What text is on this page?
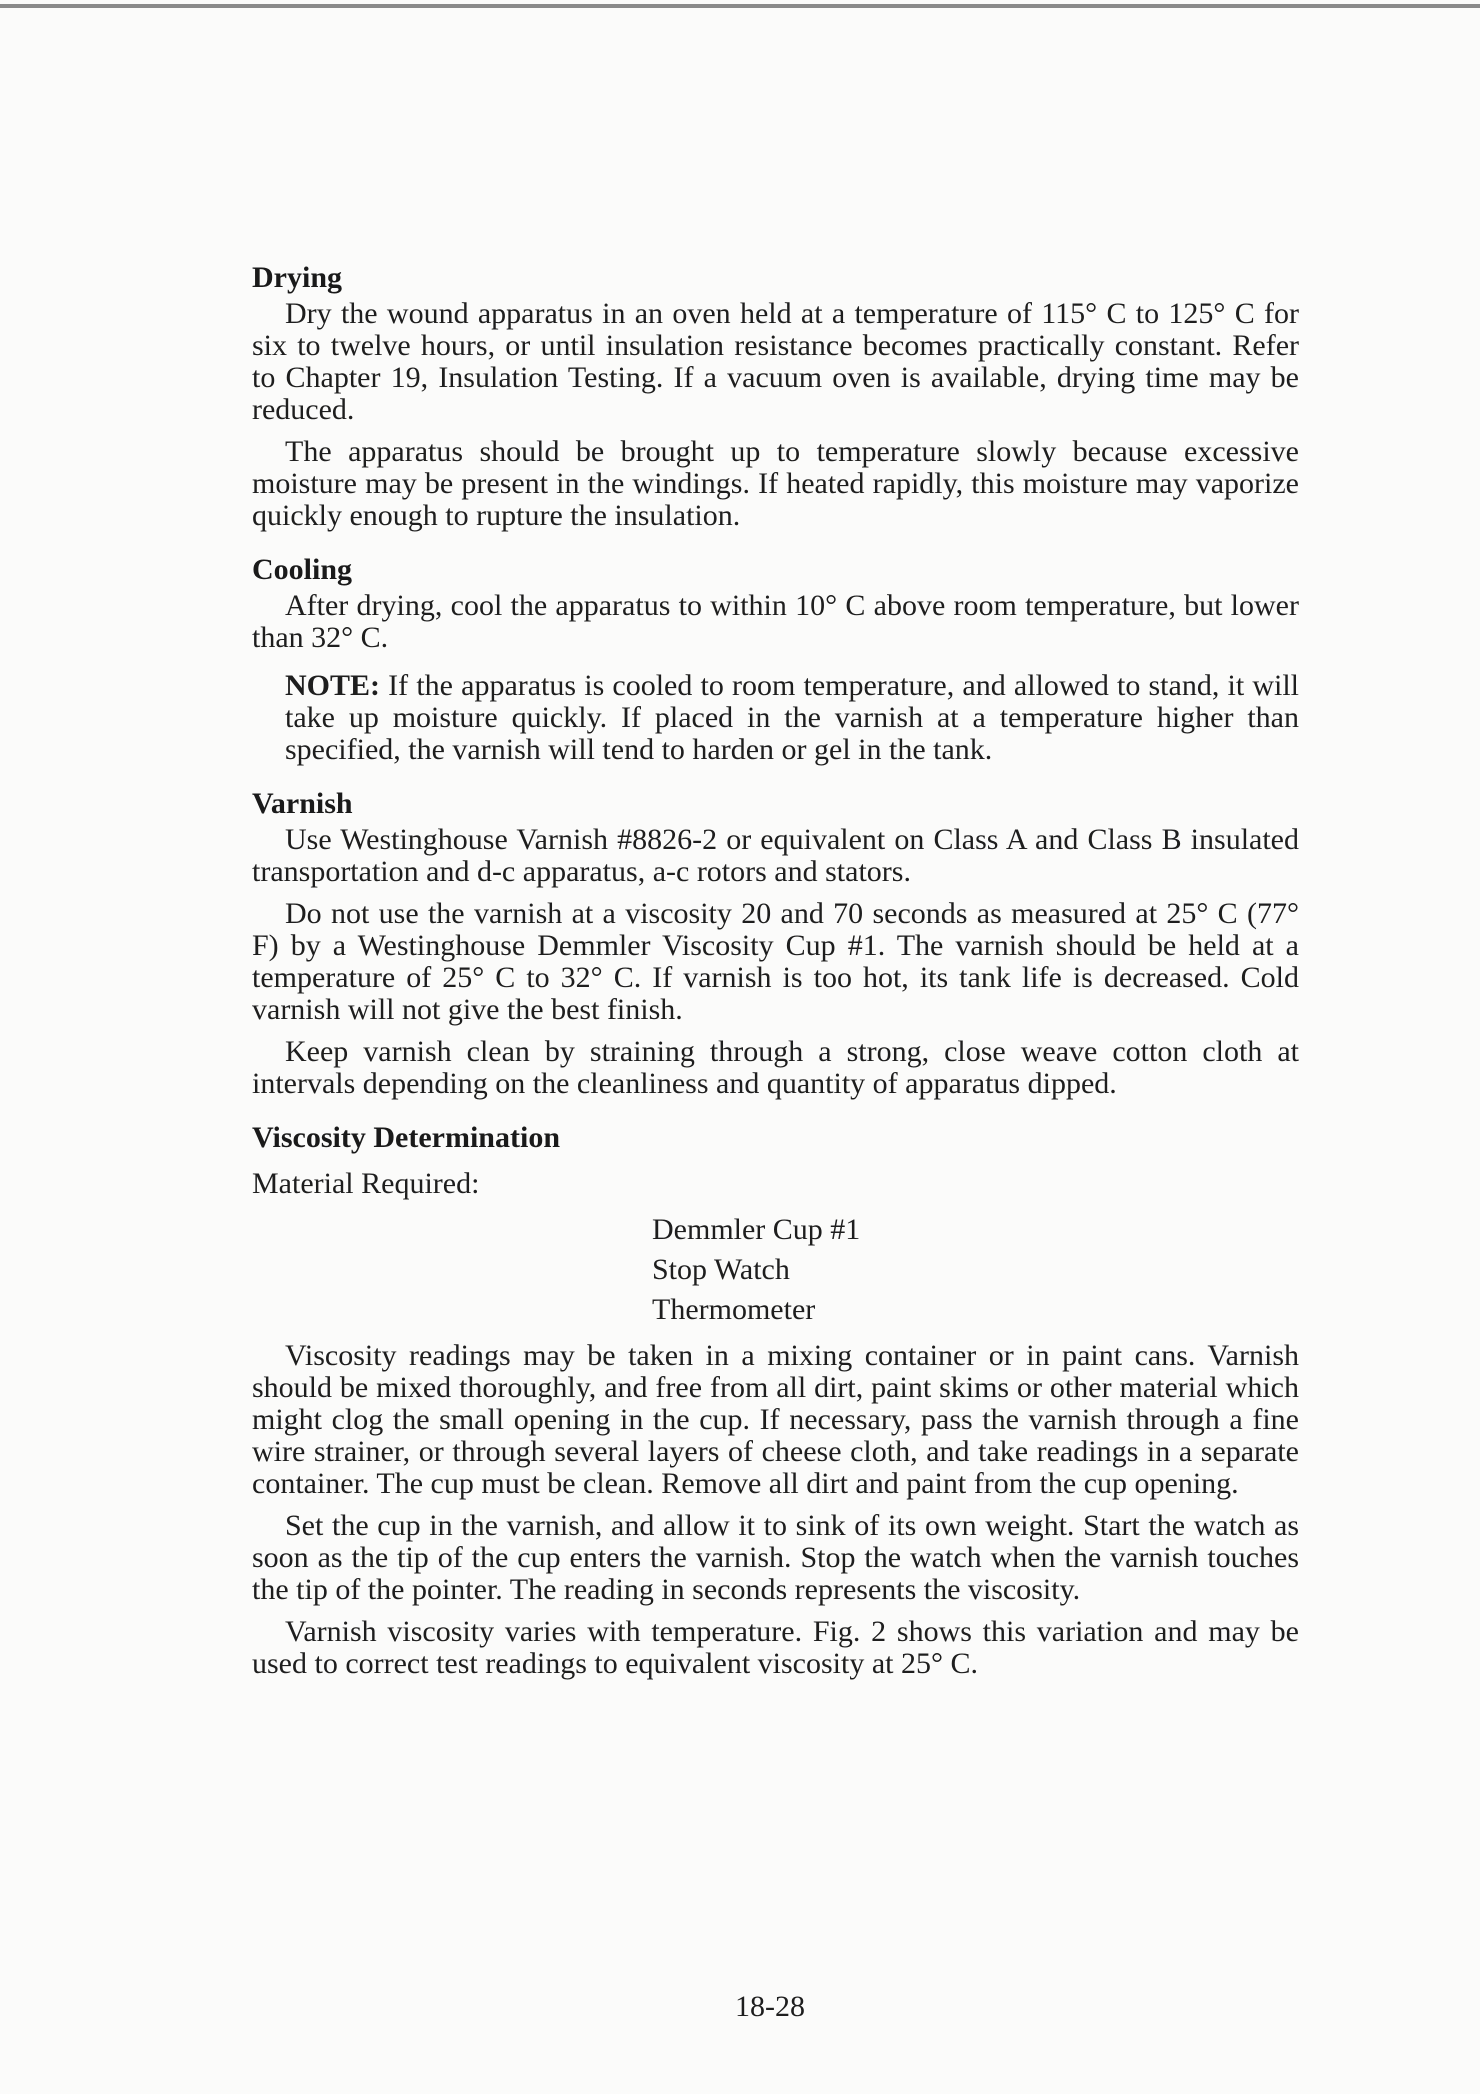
Drying

Dry the wound apparatus in an oven held at a temperature of 115° C to 125° C for six to twelve hours, or until insulation resistance becomes practically constant. Refer to Chapter 19, Insulation Testing. If a vacuum oven is available, drying time may be reduced.

The apparatus should be brought up to temperature slowly because excessive moisture may be present in the windings. If heated rapidly, this moisture may vaporize quickly enough to rupture the insulation.

Cooling

After drying, cool the apparatus to within 10° C above room temperature, but lower than 32° C.

NOTE: If the apparatus is cooled to room temperature, and allowed to stand, it will take up moisture quickly. If placed in the varnish at a temperature higher than specified, the varnish will tend to harden or gel in the tank.

Varnish

Use Westinghouse Varnish #8826-2 or equivalent on Class A and Class B insulated transportation and d-c apparatus, a-c rotors and stators.

Do not use the varnish at a viscosity 20 and 70 seconds as measured at 25° C (77° F) by a Westinghouse Demmler Viscosity Cup #1. The varnish should be held at a temperature of 25° C to 32° C. If varnish is too hot, its tank life is decreased. Cold varnish will not give the best finish.

Keep varnish clean by straining through a strong, close weave cotton cloth at intervals depending on the cleanliness and quantity of apparatus dipped.

Viscosity Determination

Material Required:

Demmler Cup #1
Stop Watch
Thermometer

Viscosity readings may be taken in a mixing container or in paint cans. Varnish should be mixed thoroughly, and free from all dirt, paint skims or other material which might clog the small opening in the cup. If necessary, pass the varnish through a fine wire strainer, or through several layers of cheese cloth, and take readings in a separate container. The cup must be clean. Remove all dirt and paint from the cup opening.

Set the cup in the varnish, and allow it to sink of its own weight. Start the watch as soon as the tip of the cup enters the varnish. Stop the watch when the varnish touches the tip of the pointer. The reading in seconds represents the viscosity.

Varnish viscosity varies with temperature. Fig. 2 shows this variation and may be used to correct test readings to equivalent viscosity at 25° C.

18-28
